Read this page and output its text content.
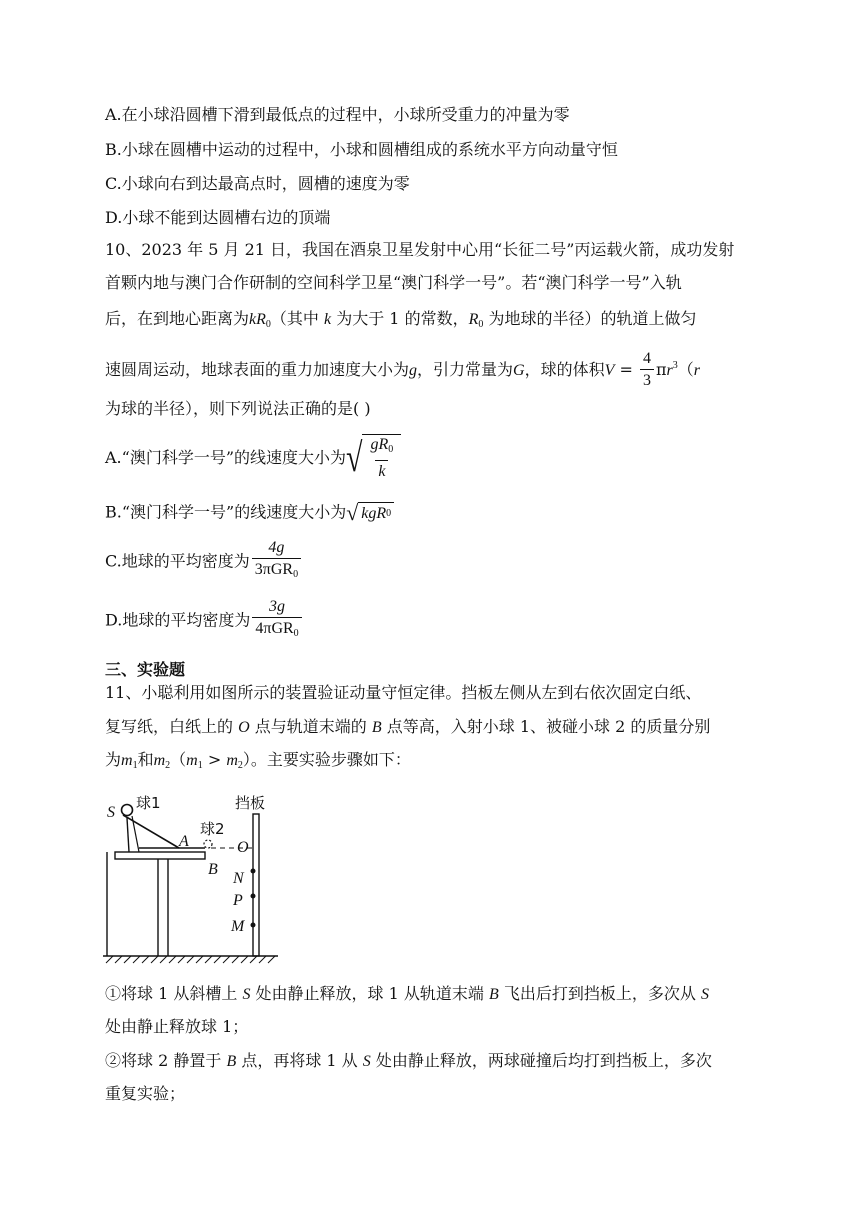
A.在小球沿圆槽下滑到最低点的过程中，小球所受重力的冲量为零
B.小球在圆槽中运动的过程中，小球和圆槽组成的系统水平方向动量守恒
C.小球向右到达最高点时，圆槽的速度为零
D.小球不能到达圆槽右边的顶端
10、2023 年 5 月 21 日，我国在酒泉卫星发射中心用“长征二号”丙运载火箭，成功发射
首颗内地与澳门合作研制的空间科学卫星“澳门科学一号”。若“澳门科学一号”入轨
后，在到地心距离为$kR_0$（其中 k 为大于 1 的常数，$R_0$ 为地球的半径）的轨道上做匀
速圆周运动，地球表面的重力加速度大小为g，引力常量为G，球的体积$V = \frac{4}{3} \pi r^3(r$
为球的半径），则下列说法正确的是( )
A.“澳门科学一号”的线速度大小为 √ $\frac{gR_0}{k}$
B.“澳门科学一号”的线速度大小为 √ kgR 0
C.地球的平均密度为 $\frac{4g}{3\pi GR_0}$
D.地球的平均密度为 $\frac{3g}{4\pi GR_0}$
三、实验题
11、小聪利用如图所示的装置验证动量守恒定律。挡板左侧从左到右依次固定白纸、
复写纸，白纸上的 O 点与轨道末端的 B 点等高，入射小球 1、被碰小球 2 的质量分别
为$m_1$和$m_2(m_1 > m_2)$。主要实验步骤如下：
S
球1	挡板
球2
A
B
O
N
P
M
①将球 1 从斜槽上 S 处由静止释放，球 1 从轨道末端 B 飞出后打到挡板上，多次从 S
处由静止释放球 1；
②将球 2 静置于 B 点，再将球 1 从 S 处由静止释放，两球碰撞后均打到挡板上，多次
重复实验；
